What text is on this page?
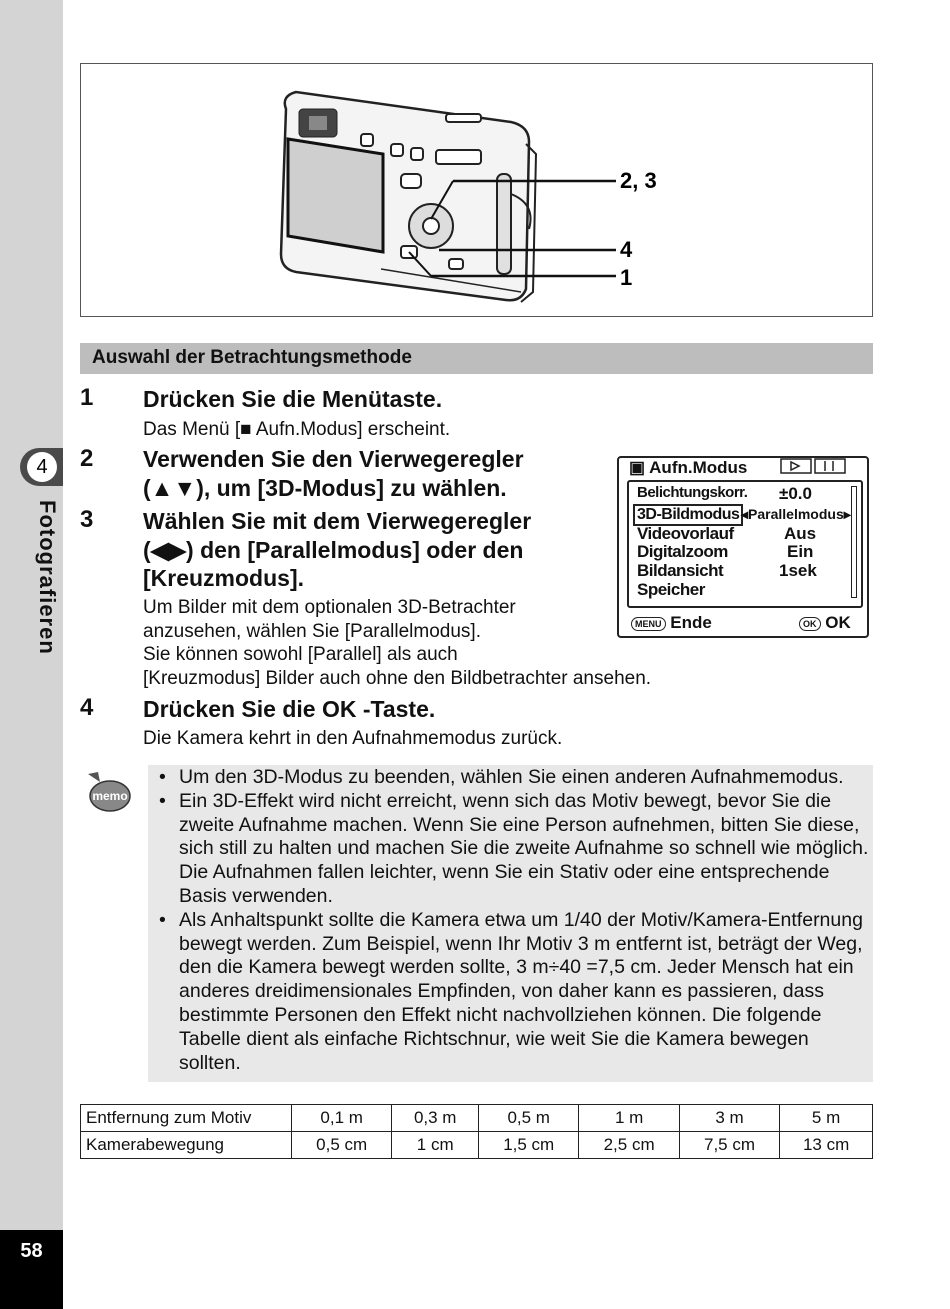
4
Fotografieren
58
2, 3
4
1
Auswahl der Betrachtungsmethode
1 Drücken Sie die Menütaste.
Das Menü [■ Aufn.Modus] erscheint.
2 Verwenden Sie den Vierwegeregler
(▲▼), um [3D-Modus] zu wählen.
3 Wählen Sie mit dem Vierwegeregler
(◀▶) den [Parallelmodus] oder den
[Kreuzmodus].
Um Bilder mit dem optionalen 3D-Betrachter
anzusehen, wählen Sie [Parallelmodus].
Sie können sowohl [Parallel] als auch
[Kreuzmodus] Bilder auch ohne den Bildbetrachter ansehen.
4 Drücken Sie die OK -Taste.
Die Kamera kehrt in den Aufnahmemodus zurück.
▣ Aufn.Modus
Belichtungskorr. ±0.0
3D-Bildmodus ◂Parallelmodus▸
Videovorlauf	Aus
Digitalzoom	Ein
Bildansicht	1sek
Speicher
MENU Ende	OK OK
memo
• Um den 3D-Modus zu beenden, wählen Sie einen anderen Aufnahmemodus.
• Ein 3D-Effekt wird nicht erreicht, wenn sich das Motiv bewegt, bevor Sie die zweite Aufnahme machen. Wenn Sie eine Person aufnehmen, bitten Sie diese, sich still zu halten und machen Sie die zweite Aufnahme so schnell wie möglich. Die Aufnahmen fallen leichter, wenn Sie ein Stativ oder eine entsprechende Basis verwenden.
• Als Anhaltspunkt sollte die Kamera etwa um 1/40 der Motiv/Kamera-Entfernung bewegt werden. Zum Beispiel, wenn Ihr Motiv 3 m entfernt ist, beträgt der Weg, den die Kamera bewegt werden sollte, 3 m÷40 =7,5 cm. Jeder Mensch hat ein anderes dreidimensionales Empfinden, von daher kann es passieren, dass bestimmte Personen den Effekt nicht nachvollziehen können. Die folgende Tabelle dient als einfache Richtschnur, wie weit Sie die Kamera bewegen sollten.
Entfernung zum Motiv	0,1 m	0,3 m	0,5 m	1 m	3 m	5 m
Kamerabewegung	0,5 cm	1 cm	1,5 cm	2,5 cm	7,5 cm	13 cm
